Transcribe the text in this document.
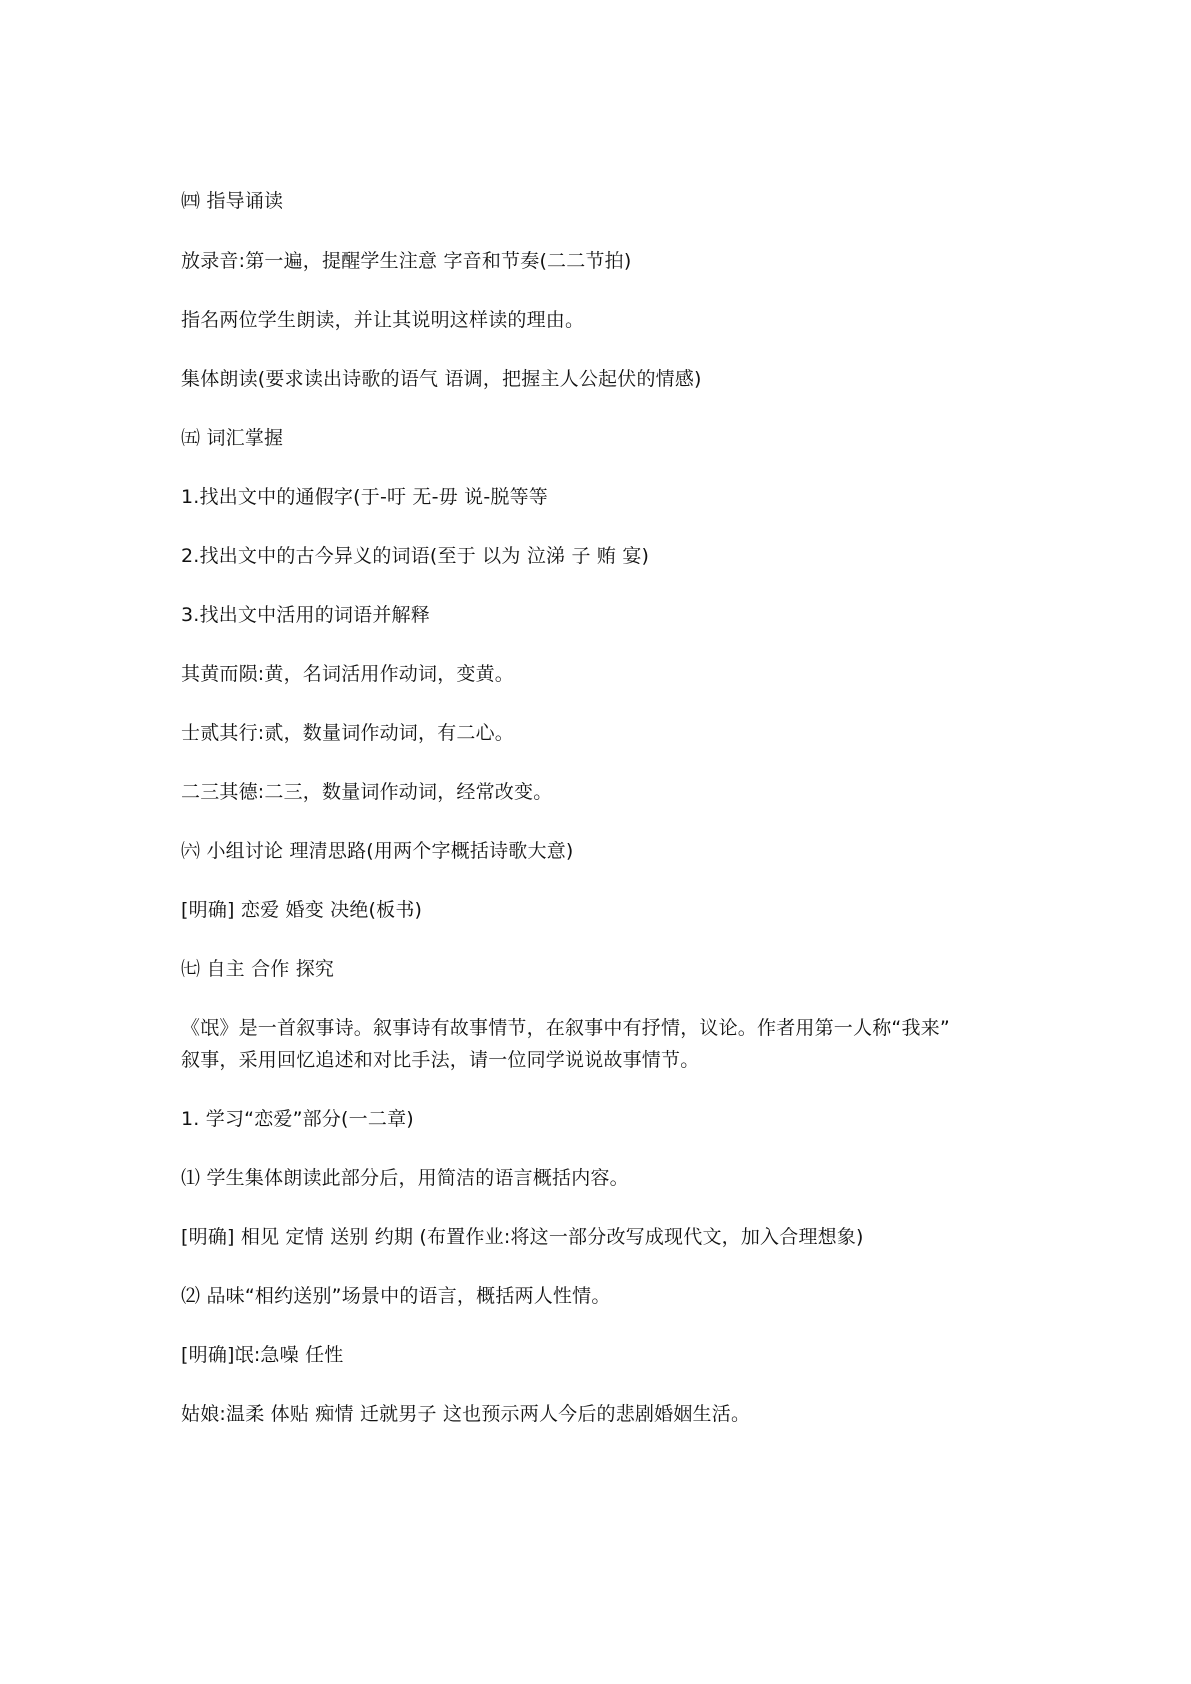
㈣ 指导诵读
放录音:第一遍，提醒学生注意 字音和节奏(二二节拍)
指名两位学生朗读，并让其说明这样读的理由。
集体朗读(要求读出诗歌的语气 语调，把握主人公起伏的情感)
㈤ 词汇掌握
1.找出文中的通假字(于-吁 无-毋 说-脱等等
2.找出文中的古今异义的词语(至于 以为 泣涕 子 贿 宴)
3.找出文中活用的词语并解释
其黄而陨:黄，名词活用作动词，变黄。
士贰其行:贰，数量词作动词，有二心。
二三其德:二三，数量词作动词，经常改变。
㈥ 小组讨论 理清思路(用两个字概括诗歌大意)
[明确] 恋爱 婚变 决绝(板书)
㈦ 自主 合作 探究
《氓》是一首叙事诗。叙事诗有故事情节，在叙事中有抒情，议论。作者用第一人称“我来”
叙事，采用回忆追述和对比手法，请一位同学说说故事情节。
1. 学习“恋爱”部分(一二章)
⑴ 学生集体朗读此部分后，用简洁的语言概括内容。
[明确] 相见 定情 送别 约期 (布置作业:将这一部分改写成现代文，加入合理想象)
⑵ 品味“相约送别”场景中的语言，概括两人性情。
[明确]氓:急噪 任性
姑娘:温柔 体贴 痴情 迁就男子 这也预示两人今后的悲剧婚姻生活。
